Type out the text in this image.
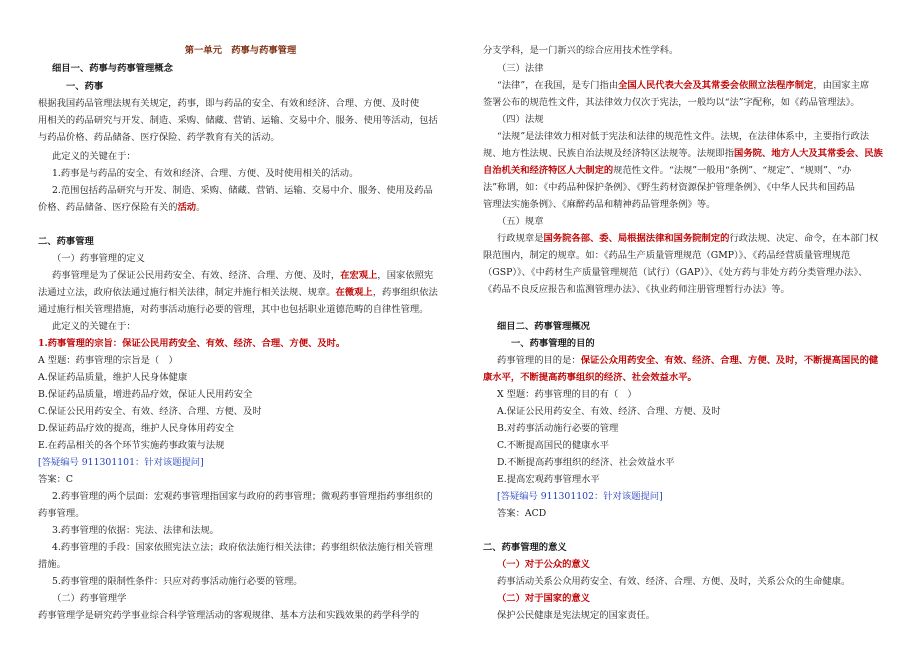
第一单元　药事与药事管理
细目一、药事与药事管理概念
一、药事
根据我国药品管理法规有关规定，药事，即与药品的安全、有效和经济、合理、方便、及时使
用相关的药品研究与开发、制造、采购、储藏、营销、运输、交易中介、服务、使用等活动，包括
与药品价格、药品储备、医疗保险、药学教育有关的活动。
此定义的关键在于：
1.药事是与药品的安全、有效和经济、合理、方便、及时使用相关的活动。
2.范围包括药品研究与开发、制造、采购、储藏、营销、运输、交易中介、服务、使用及药品
价格、药品储备、医疗保险有关的活动。
二、药事管理
（一）药事管理的定义
药事管理是为了保证公民用药安全、有效、经济、合理、方便、及时，在宏观上，国家依照宪
法通过立法，政府依法通过施行相关法律，制定并施行相关法规、规章。在微观上，药事组织依法
通过施行相关管理措施，对药事活动施行必要的管理，其中也包括职业道德范畴的自律性管理。
此定义的关键在于：
1.药事管理的宗旨：保证公民用药安全、有效、经济、合理、方便、及时。
A 型题：药事管理的宗旨是（　）
A.保证药品质量，维护人民身体健康
B.保证药品质量，增进药品疗效，保证人民用药安全
C.保证公民用药安全、有效、经济、合理、方便、及时
D.保证药品疗效的提高，维护人民身体用药安全
E.在药品相关的各个环节实施药事政策与法规
[答疑编号 911301101：针对该题提问]
答案：C
2.药事管理的两个层面：宏观药事管理指国家与政府的药事管理；微观药事管理指药事组织的
药事管理。
3.药事管理的依据：宪法、法律和法规。
4.药事管理的手段：国家依照宪法立法；政府依法施行相关法律；药事组织依法施行相关管理
措施。
5.药事管理的限制性条件：只应对药事活动施行必要的管理。
（二）药事管理学
药事管理学是研究药学事业综合科学管理活动的客观规律、基本方法和实践效果的药学科学的
分支学科，是一门新兴的综合应用技术性学科。
（三）法律
“法律”，在我国，是专门指由全国人民代表大会及其常委会依照立法程序制定，由国家主席
签署公布的规范性文件，其法律效力仅次于宪法，一般均以“法”字配称，如《药品管理法》。
（四）法规
“法规”是法律效力相对低于宪法和法律的规范性文件。法规，在法律体系中，主要指行政法
规、地方性法规、民族自治法规及经济特区法规等。法规即指国务院、地方人大及其常委会、民族
自治机关和经济特区人大制定的规范性文件。“法规”一般用“条例”、“规定”、“规则”、“办
法”称谓，如：《中药品种保护条例》、《野生药材资源保护管理条例》、《中华人民共和国药品
管理法实施条例》、《麻醉药品和精神药品管理条例》等。
（五）规章
行政规章是国务院各部、委、局根据法律和国务院制定的行政法规、决定、命令，在本部门权
限范围内，制定的规章。如：《药品生产质量管理规范（GMP）》、《药品经营质量管理规范
（GSP）》、《中药材生产质量管理规范（试行）（GAP）》、《处方药与非处方药分类管理办法》、
《药品不良反应报告和监测管理办法》、《执业药师注册管理暂行办法》等。
细目二、药事管理概况
一、药事管理的目的
药事管理的目的是：保证公众用药安全、有效、经济、合理、方便、及时，不断提高国民的健
康水平，不断提高药事组织的经济、社会效益水平。
X 型题：药事管理的目的有（　）
A.保证公民用药安全、有效、经济、合理、方便、及时
B.对药事活动施行必要的管理
C.不断提高国民的健康水平
D.不断提高药事组织的经济、社会效益水平
E.提高宏观药事管理水平
[答疑编号 911301102：针对该题提问]
答案：ACD
二、药事管理的意义
（一）对于公众的意义
药事活动关系公众用药安全、有效、经济、合理、方便、及时，关系公众的生命健康。
（二）对于国家的意义
保护公民健康是宪法规定的国家责任。
